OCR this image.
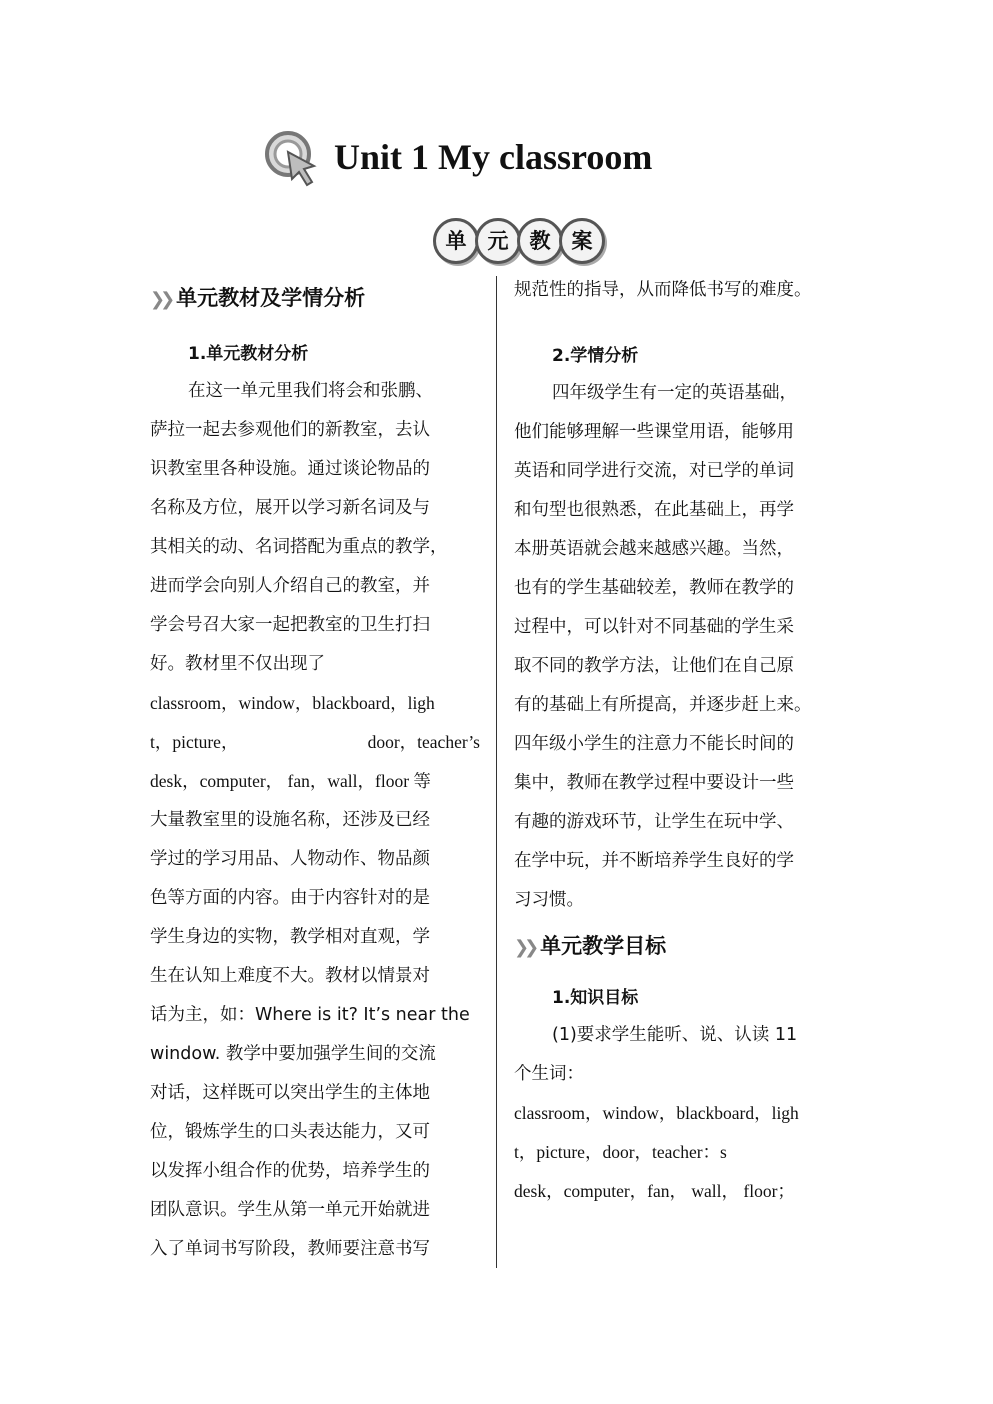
Unit 1 My classroom
单	元	教	案
❯❯ 单元教材及学情分析
1.单元教材分析
在这一单元里我们将会和张鹏、
萨拉一起去参观他们的新教室，去认
识教室里各种设施。通过谈论物品的
名称及方位，展开以学习新名词及与
其相关的动、名词搭配为重点的教学，
进而学会向别人介绍自己的教室，并
学会号召大家一起把教室的卫生打扫
好。教材里不仅出现了
classroom，window，blackboard，ligh
t，picture，	door，teacher’s
desk，computer， fan，wall，floor 等
大量教室里的设施名称，还涉及已经
学过的学习用品、人物动作、物品颜
色等方面的内容。由于内容针对的是
学生身边的实物，教学相对直观，学
生在认知上难度不大。教材以情景对
话为主，如：Where is it? It’s near the
window. 教学中要加强学生间的交流
对话，这样既可以突出学生的主体地
位，锻炼学生的口头表达能力，又可
以发挥小组合作的优势，培养学生的
团队意识。学生从第一单元开始就进
入了单词书写阶段，教师要注意书写
规范性的指导，从而降低书写的难度。
2.学情分析
四年级学生有一定的英语基础，
他们能够理解一些课堂用语，能够用
英语和同学进行交流，对已学的单词
和句型也很熟悉，在此基础上，再学
本册英语就会越来越感兴趣。当然，
也有的学生基础较差，教师在教学的
过程中，可以针对不同基础的学生采
取不同的教学方法，让他们在自己原
有的基础上有所提高，并逐步赶上来。
四年级小学生的注意力不能长时间的
集中，教师在教学过程中要设计一些
有趣的游戏环节，让学生在玩中学、
在学中玩，并不断培养学生良好的学
习习惯。
❯❯ 单元教学目标
1.知识目标
(1)要求学生能听、说、认读 11
个生词：
classroom，window，blackboard，ligh
t，picture，door，teacher：s
desk，computer，fan， wall， floor；
